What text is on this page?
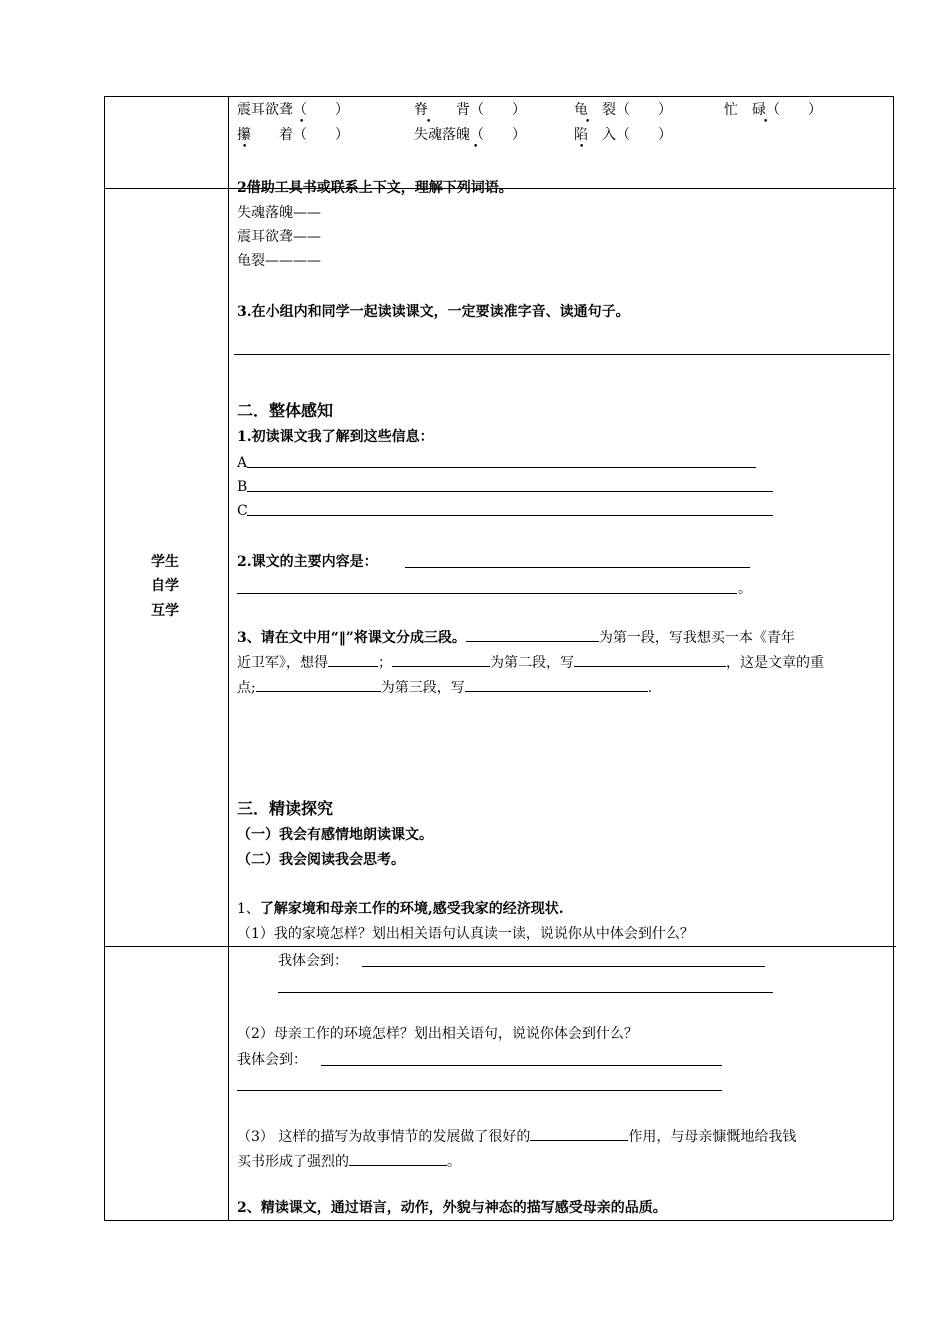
震耳欲聋（　　）	脊　　背（　　）	龟　裂（　　）	忙　碌（　　）
攥　　着（　　）	失魂落魄（　　）	陷　入（　　）
•	•	•	•
•	•	•
2借助工具书或联系上下文，理解下列词语。
失魂落魄——
震耳欲聋——
龟裂————
3.在小组内和同学一起读读课文，一定要读准字音、读通句子。
学生
自学
互学
二．整体感知
1.初读课文我了解到这些信息：
A
B
C
2.课文的主要内容是：
。
3、请在文中用“‖”将课文分成三段。	为第一段，写我想买一本《青年
近卫军》，想得	；	为第二段，写	，这是文章的重
点;	为第三段，写	.
三．精读探究
（一）我会有感情地朗读课文。
（二）我会阅读我会思考。
1、了解家境和母亲工作的环境,感受我家的经济现状.
（1）我的家境怎样？划出相关语句认真读一读，说说你从中体会到什么？
我体会到：
（2）母亲工作的环境怎样？划出相关语句，说说你体会到什么？
我体会到：
（3） 这样的描写为故事情节的发展做了很好的	作用，与母亲慷慨地给我钱
买书形成了强烈的	。
2、精读课文，通过语言，动作，外貌与神态的描写感受母亲的品质。
